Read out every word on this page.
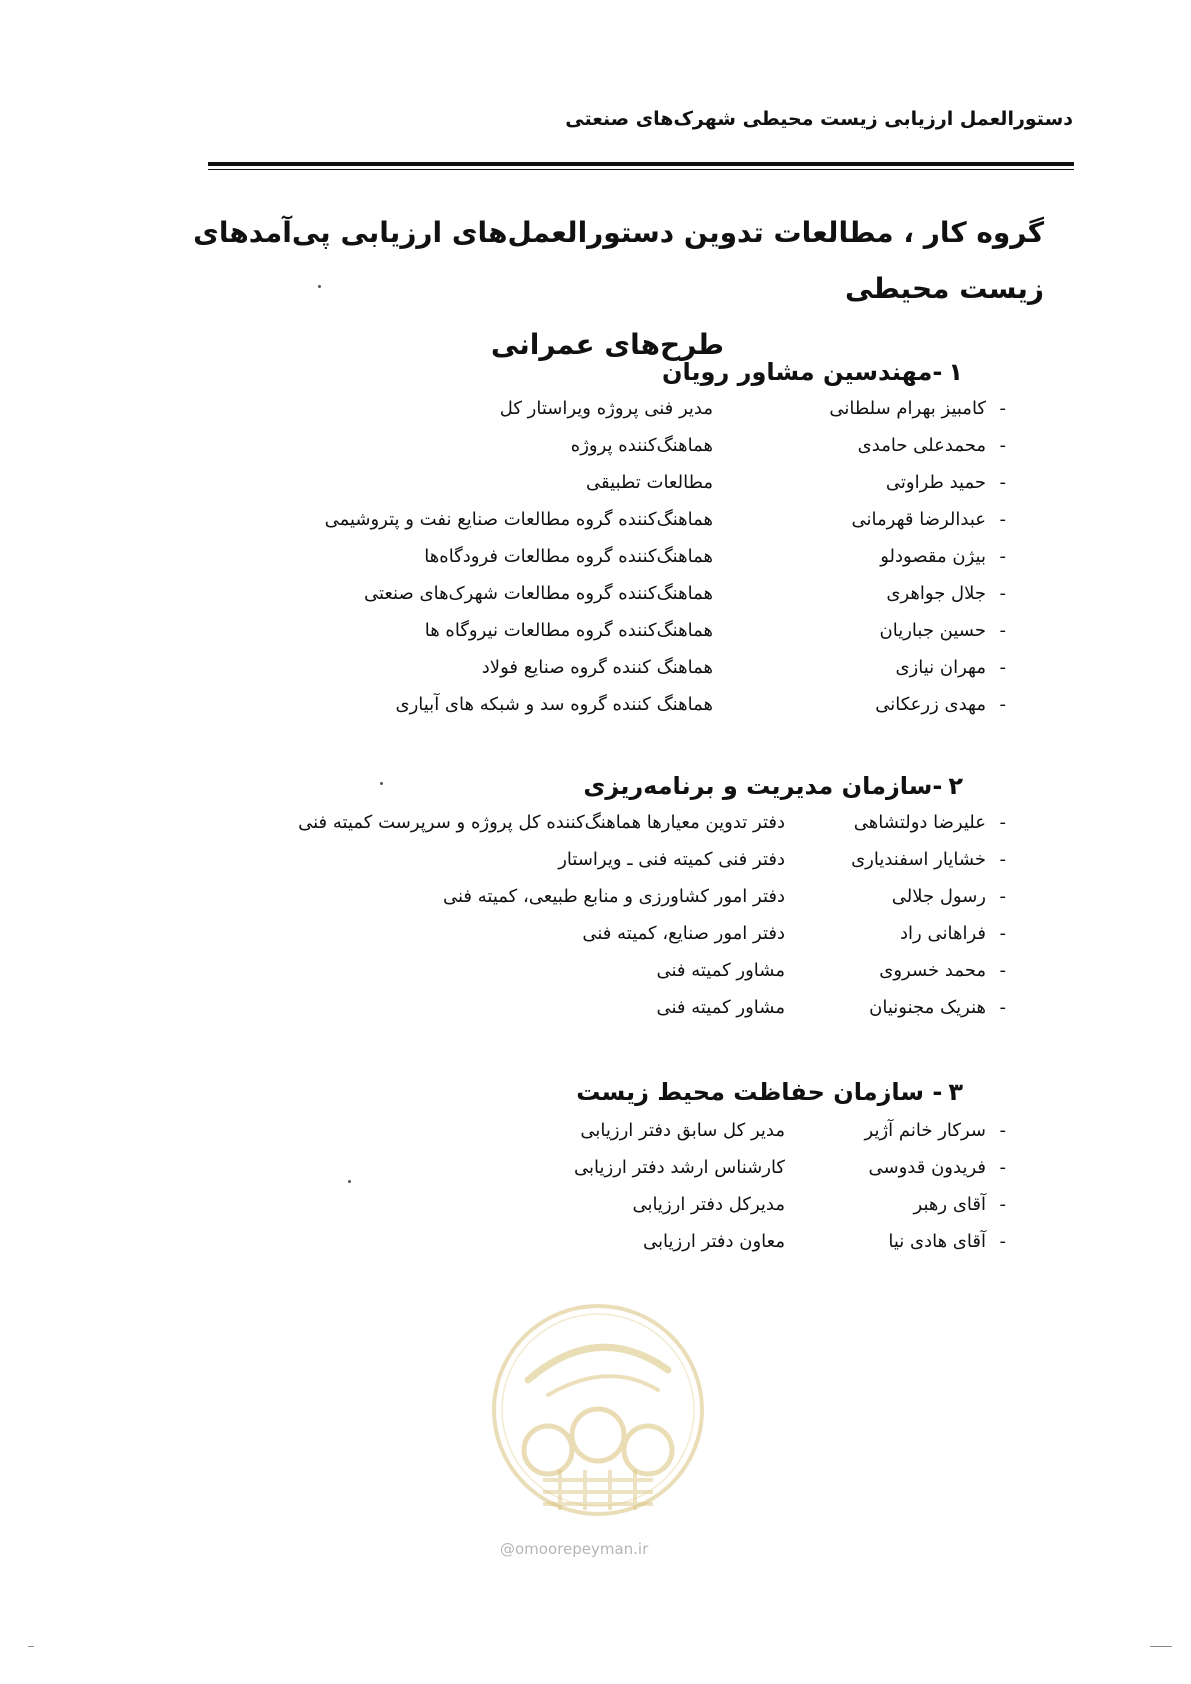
دستورالعمل ارزیابی زیست محیطی شهرک‌های صنعتی
گروه کار ، مطالعات تدوین دستورالعمل‌های ارزیابی پی‌آمدهای زیست محیطی
طرح‌های عمرانی
۱-مهندسین مشاور رویان
-
کامبیز بهرام سلطانی
مدیر فنی پروژه ویراستار کل
-
محمدعلی حامدی
هماهنگ‌کننده پروژه
-
حمید طراوتی
مطالعات تطبیقی
-
عبدالرضا قهرمانی
هماهنگ‌کننده گروه مطالعات صنایع نفت و پتروشیمی
-
بیژن مقصودلو
هماهنگ‌کننده گروه مطالعات فرودگاه‌ها
-
جلال جواهری
هماهنگ‌کننده گروه مطالعات شهرک‌های صنعتی
-
حسین جباریان
هماهنگ‌کننده گروه مطالعات نیروگاه ها
-
مهران نیازی
هماهنگ کننده گروه صنایع فولاد
-
مهدی زرعکانی
هماهنگ کننده گروه سد و شبکه های آبیاری
۲-سازمان مدیریت و برنامه‌ریزی
-
علیرضا دولتشاهی
دفتر تدوین معیارها هماهنگ‌کننده کل پروژه و سرپرست کمیته فنی
-
خشایار اسفندیاری
دفتر فنی کمیته فنی ـ ویراستار
-
رسول جلالی
دفتر امور کشاورزی و منابع طبیعی، کمیته فنی
-
فراهانی راد
دفتر امور صنایع، کمیته فنی
-
محمد خسروی
مشاور کمیته فنی
-
هنریک مجنونیان
مشاور کمیته فنی
۳- سازمان حفاظت محیط زیست
-
سرکار خانم آژیر
مدیر کل سابق دفتر ارزیابی
-
فریدون قدوسی
کارشناس ارشد دفتر ارزیابی
-
آقای رهبر
مدیرکل دفتر ارزیابی
-
آقای هادی نیا
معاون دفتر ارزیابی
@omoorepeyman.ir
